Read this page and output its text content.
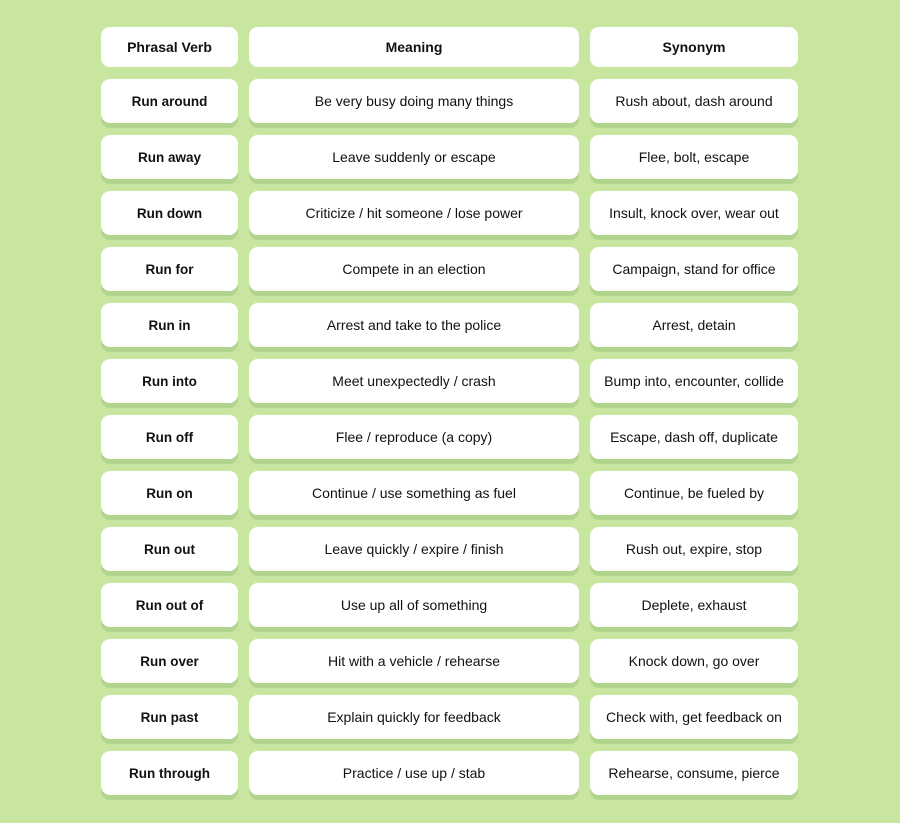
Phrasal Verb	Meaning	Synonym
Run around	Be very busy doing many things	Rush about, dash around
Run away	Leave suddenly or escape	Flee, bolt, escape
Run down	Criticize / hit someone / lose power	Insult, knock over, wear out
Run for	Compete in an election	Campaign, stand for office
Run in	Arrest and take to the police	Arrest, detain
Run into	Meet unexpectedly / crash	Bump into, encounter, collide
Run off	Flee / reproduce (a copy)	Escape, dash off, duplicate
Run on	Continue / use something as fuel	Continue, be fueled by
Run out	Leave quickly / expire / finish	Rush out, expire, stop
Run out of	Use up all of something	Deplete, exhaust
Run over	Hit with a vehicle / rehearse	Knock down, go over
Run past	Explain quickly for feedback	Check with, get feedback on
Run through	Practice / use up / stab	Rehearse, consume, pierce
